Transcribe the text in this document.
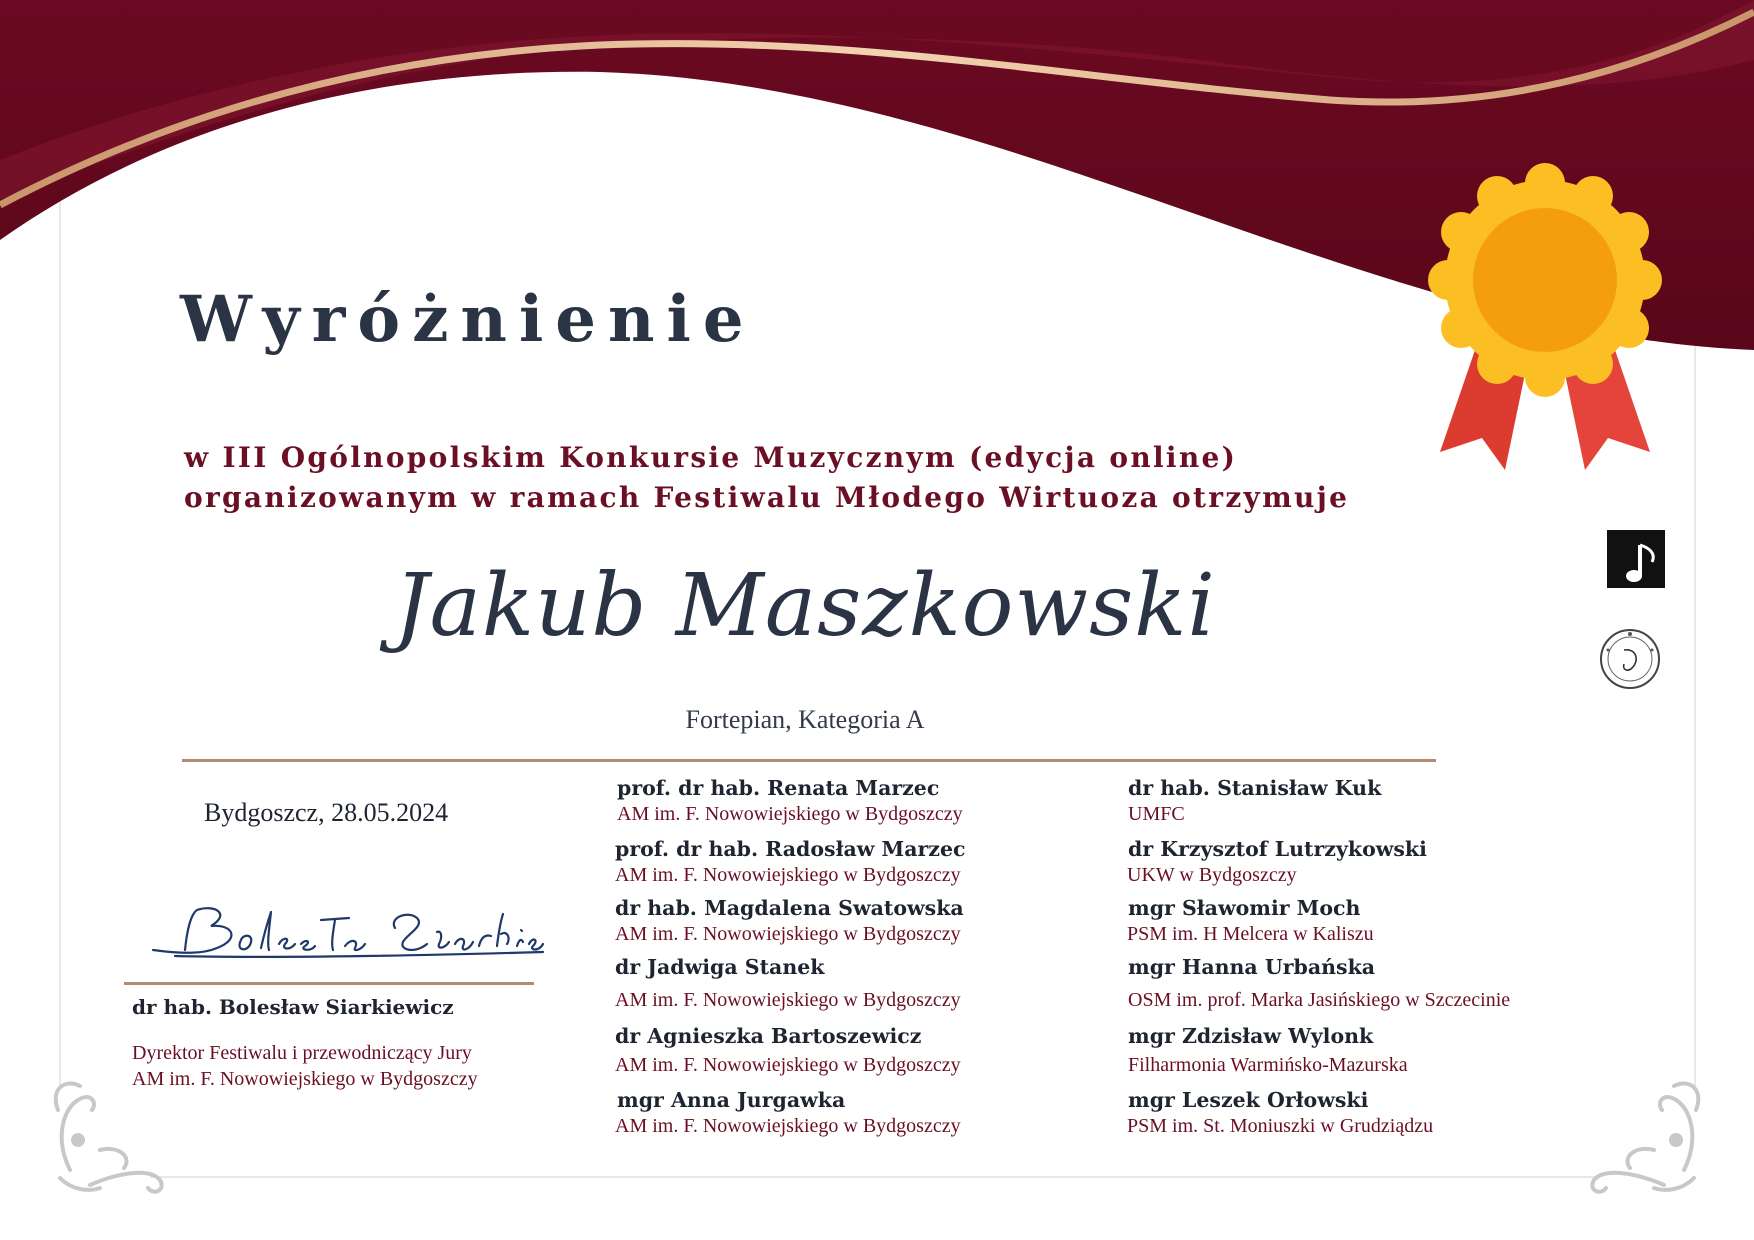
Wyróżnienie
w III Ogólnopolskim Konkursie Muzycznym (edycja online)
organizowanym w ramach Festiwalu Młodego Wirtuoza otrzymuje
Jakub Maszkowski
Fortepian, Kategoria A
Bydgoszcz, 28.05.2024
dr hab. Bolesław Siarkiewicz
Dyrektor Festiwalu i przewodniczący Jury
AM im. F. Nowowiejskiego w Bydgoszczy
prof. dr hab. Renata Marzec
AM im. F. Nowowiejskiego w Bydgoszczy
prof. dr hab. Radosław Marzec
AM im. F. Nowowiejskiego w Bydgoszczy
dr hab. Magdalena Swatowska
AM im. F. Nowowiejskiego w Bydgoszczy
dr Jadwiga Stanek
AM im. F. Nowowiejskiego w Bydgoszczy
dr Agnieszka Bartoszewicz
AM im. F. Nowowiejskiego w Bydgoszczy
mgr Anna Jurgawka
AM im. F. Nowowiejskiego w Bydgoszczy
dr hab. Stanisław Kuk
UMFC
dr Krzysztof Lutrzykowski
UKW w Bydgoszczy
mgr Sławomir Moch
PSM im. H Melcera w Kaliszu
mgr Hanna Urbańska
OSM im. prof. Marka Jasińskiego w Szczecinie
mgr Zdzisław Wylonk
Filharmonia Warmińsko-Mazurska
mgr Leszek Orłowski
PSM im. St. Moniuszki w Grudziądzu
